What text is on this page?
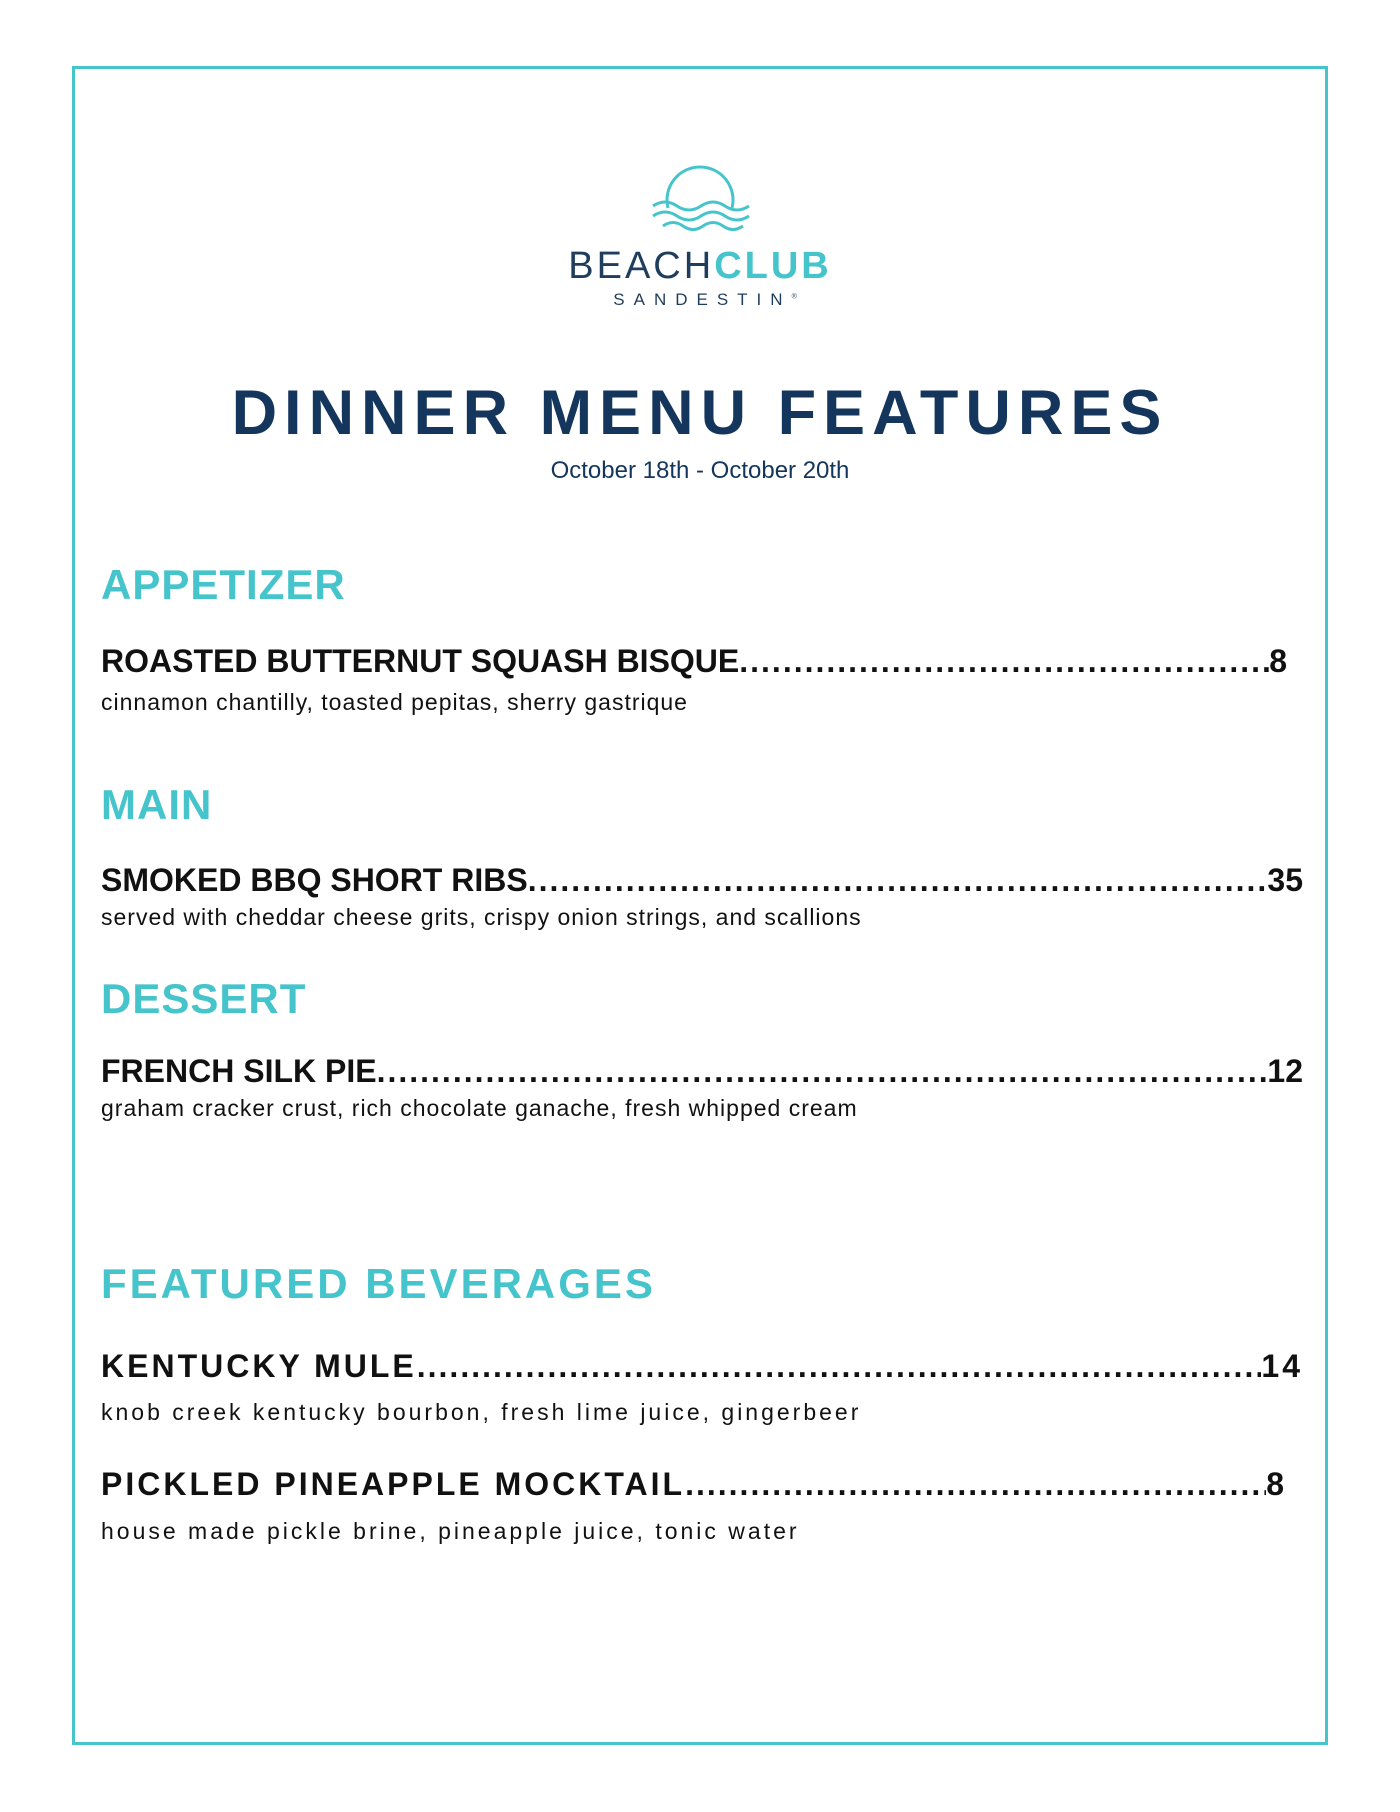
BEACHCLUB
SANDESTIN®
DINNER MENU FEATURES
October 18th - October 20th
APPETIZER
ROASTED BUTTERNUT SQUASH BISQUE .....	8
cinnamon chantilly, toasted pepitas, sherry gastrique
MAIN
SMOKED BBQ SHORT RIBS .....	35
served with cheddar cheese grits, crispy onion strings, and scallions
DESSERT
FRENCH SILK PIE .....	12
graham cracker crust, rich chocolate ganache, fresh whipped cream
FEATURED BEVERAGES
KENTUCKY MULE .....	14
knob creek kentucky bourbon, fresh lime juice, gingerbeer
PICKLED PINEAPPLE MOCKTAIL .....	8
house made pickle brine, pineapple juice, tonic water
